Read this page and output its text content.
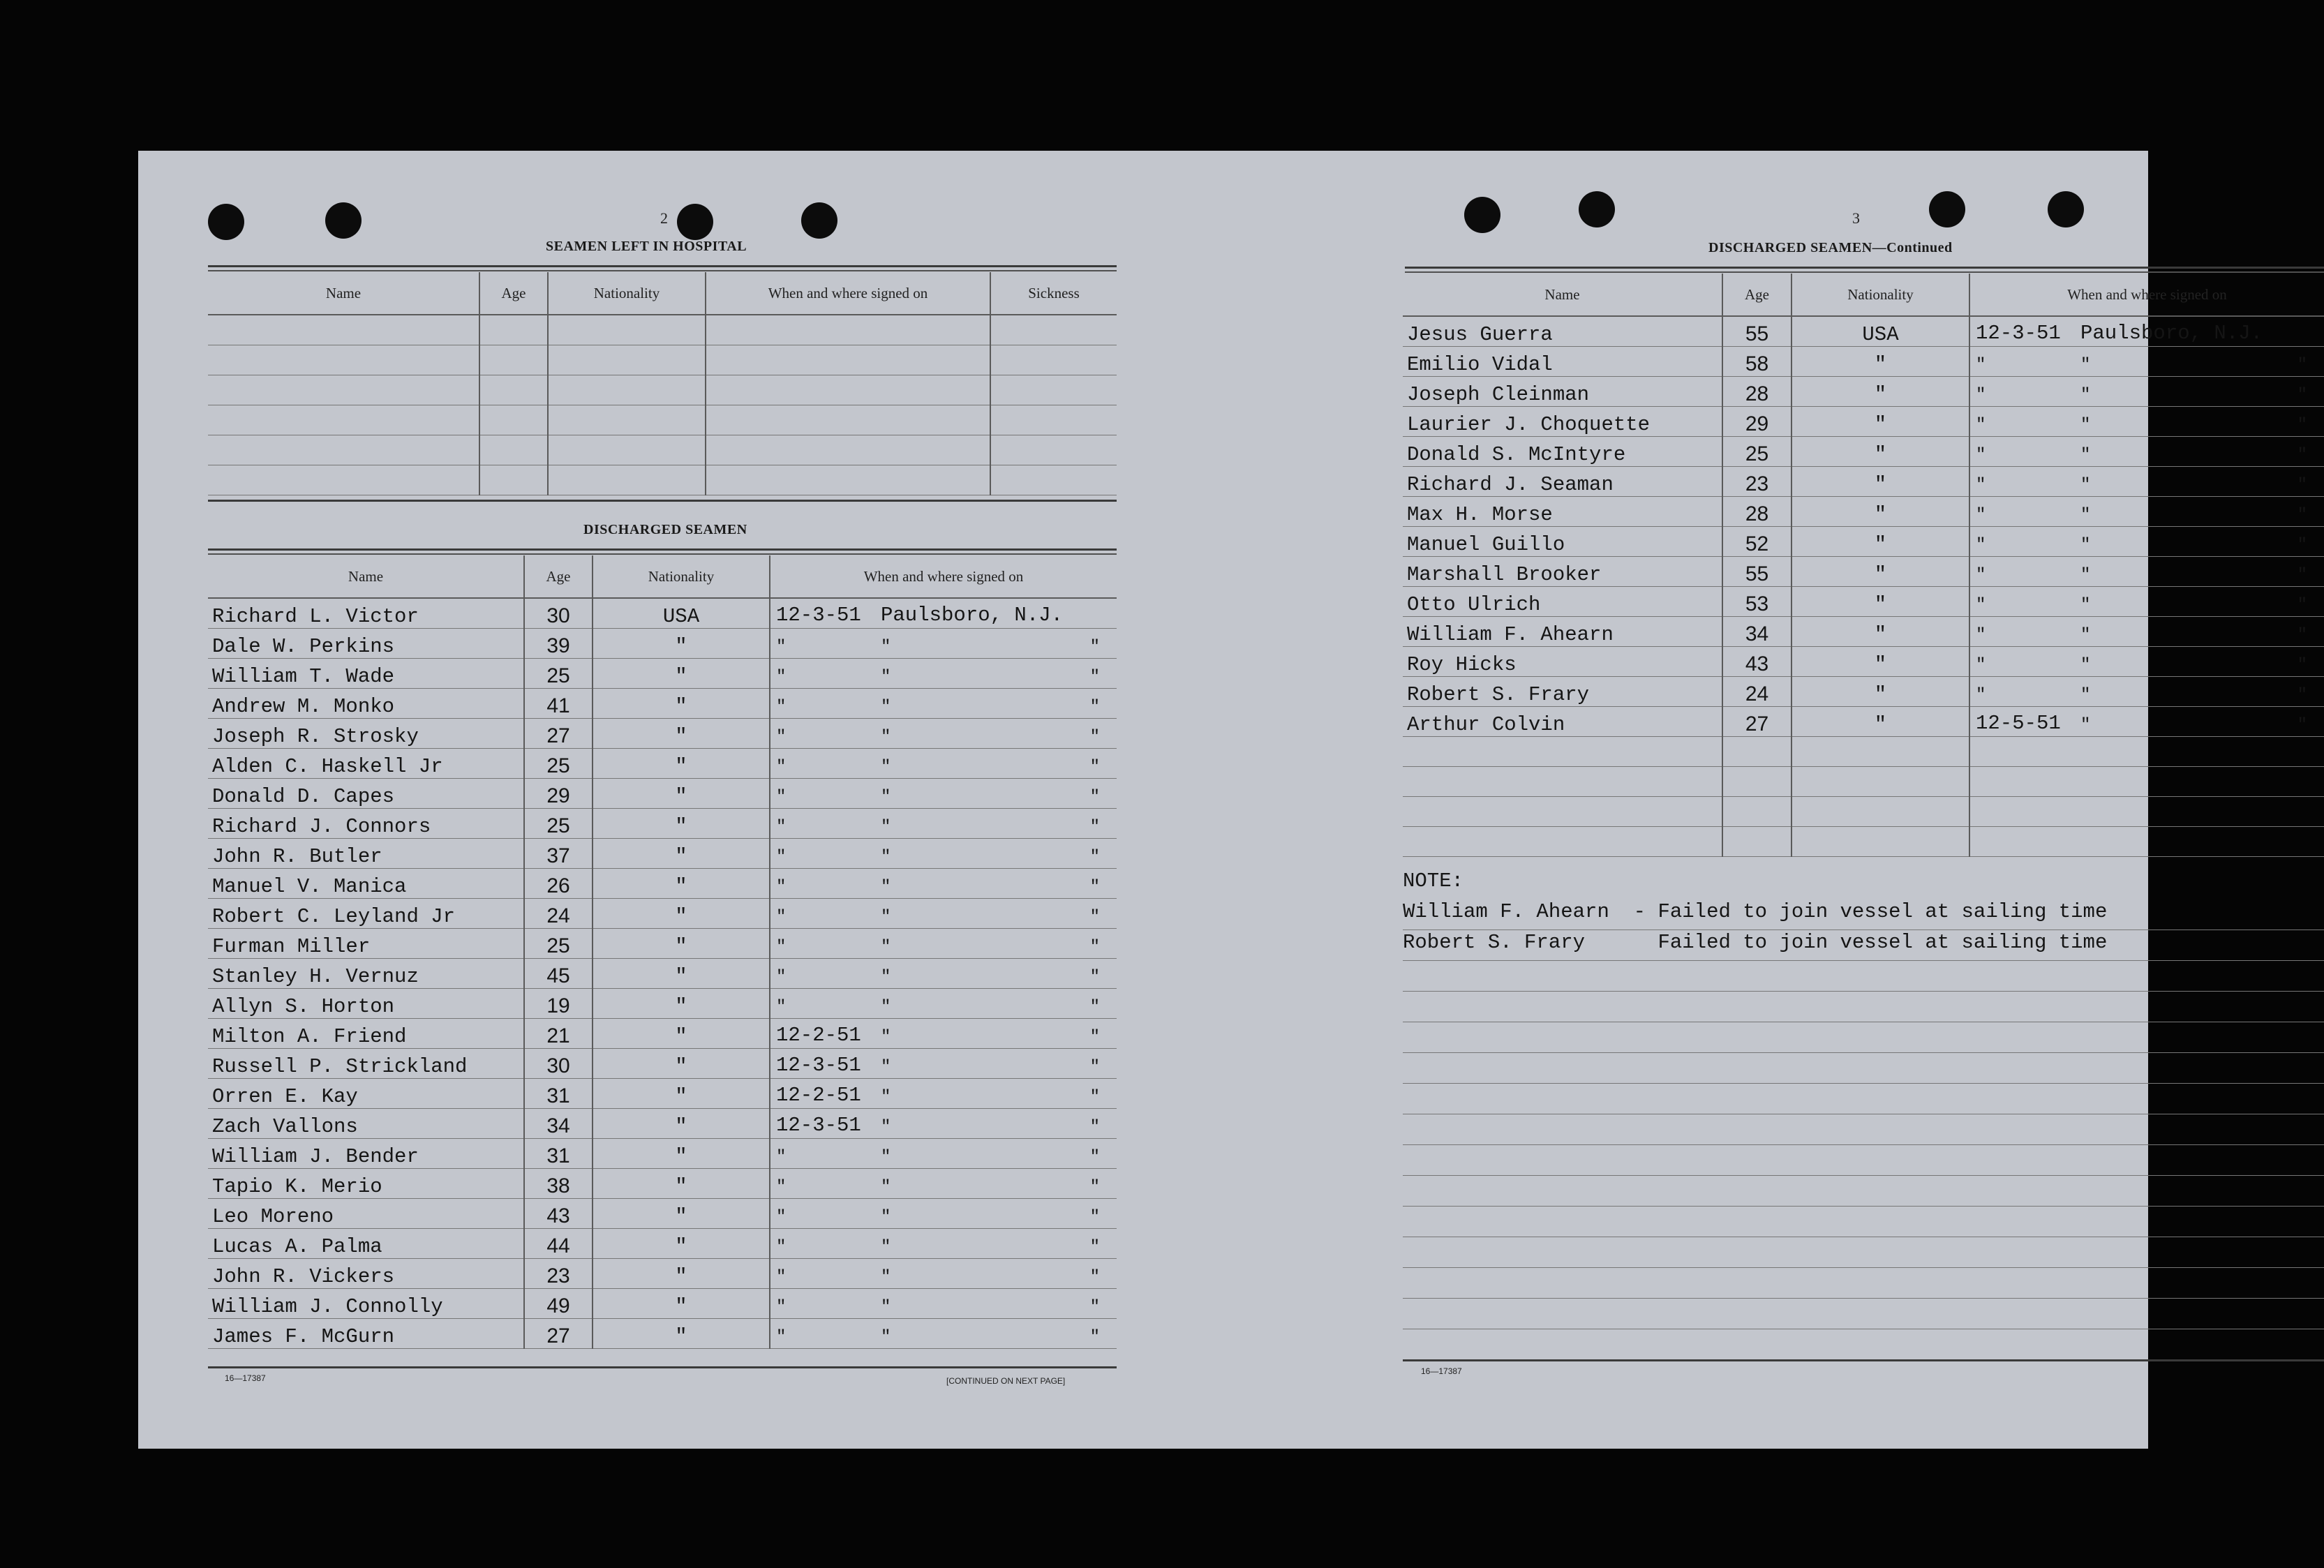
2
SEAMEN LEFT IN HOSPITAL
Name	Age	Nationality	When and where signed on	Sickness

DISCHARGED SEAMEN
Name	Age	Nationality	When and where signed on
Richard L. Victor	30	USA	12-3-51 Paulsboro, N.J.

Dale W. Perkins	39	"	" " "

William T. Wade	25	"	" " "

Andrew M. Monko	41	"	" " "

Joseph R. Strosky	27	"	" " "

Alden C. Haskell Jr	25	"	" " "

Donald D. Capes	29	"	" " "

Richard J. Connors	25	"	" " "

John R. Butler	37	"	" " "

Manuel V. Manica	26	"	" " "

Robert C. Leyland Jr	24	"	" " "

Furman Miller	25	"	" " "

Stanley H. Vernuz	45	"	" " "

Allyn S. Horton	19	"	" " "

Milton A. Friend	21	"	12-2-51 " "

Russell P. Strickland	30	"	12-3-51 " "

Orren E. Kay	31	"	12-2-51 " "

Zach Vallons	34	"	12-3-51 " "

William J. Bender	31	"	" " "

Tapio K. Merio	38	"	" " "

Leo Moreno	43	"	" " "

Lucas A. Palma	44	"	" " "

John R. Vickers	23	"	" " "

William J. Connolly	49	"	" " "

James F. McGurn	27	"	" " "
16—17387	[CONTINUED ON NEXT PAGE]
3
DISCHARGED SEAMEN—Continued
Name	Age	Nationality	When and where signed on
Jesus Guerra	55	USA	12-3-51 Paulsboro, N.J.

Emilio Vidal	58	"	" " "

Joseph Cleinman	28	"	" " "

Laurier J. Choquette	29	"	" " "

Donald S. McIntyre	25	"	" " "

Richard J. Seaman	23	"	" " "

Max H. Morse	28	"	" " "

Manuel Guillo	52	"	" " "

Marshall Brooker	55	"	" " "

Otto Ulrich	53	"	" " "

William F. Ahearn	34	"	" " "

Roy Hicks	43	"	" " "

Robert S. Frary	24	"	" " "

Arthur Colvin	27	"	12-5-51 " "

NOTE:
William F. Ahearn  - Failed to join vessel at sailing time
Robert S. Frary      Failed to join vessel at sailing time
16—17387
